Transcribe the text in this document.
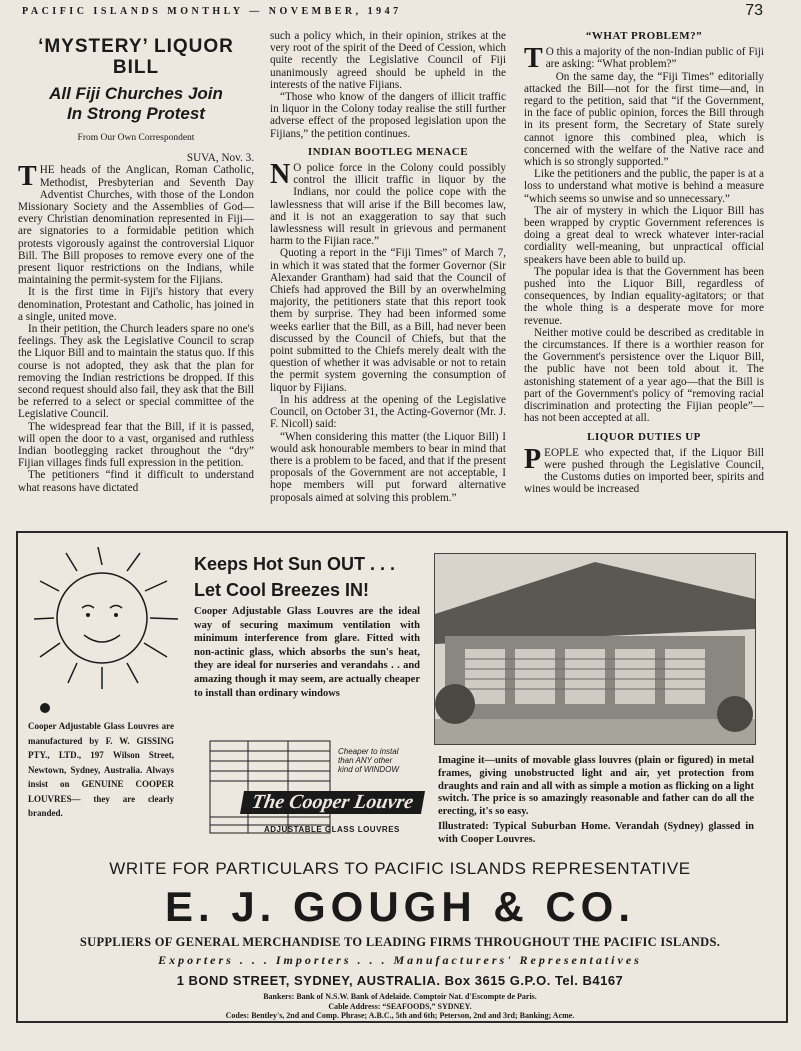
PACIFIC ISLANDS MONTHLY — NOVEMBER, 1947	73
‘MYSTERY’ LIQUOR
BILL
All Fiji Churches Join
In Strong Protest
From Our Own Correspondent

SUVA, Nov. 3.

THE heads of the Anglican, Roman Catholic, Methodist, Presbyterian and Seventh Day Adventist Churches, with those of the London Missionary Society and the Assemblies of God—every Christian denomination represented in Fiji—are signatories to a formidable petition which protests vigorously against the controversial Liquor Bill. The Bill proposes to remove every one of the present liquor restrictions on the Indians, while maintaining the permit-system for the Fijians.

It is the first time in Fiji's history that every denomination, Protestant and Catholic, has joined in a single, united move.

In their petition, the Church leaders spare no one's feelings. They ask the Legislative Council to scrap the Liquor Bill and to maintain the status quo. If this course is not adopted, they ask that the plan for removing the Indian restrictions be dropped. If this second request should also fail, they ask that the Bill be referred to a select or special committee of the Legislative Council.

The widespread fear that the Bill, if it is passed, will open the door to a vast, organised and ruthless Indian bootlegging racket throughout the “dry” Fijian villages finds full expression in the petition.

The petitioners “find it difficult to understand what reasons have dictated

such a policy which, in their opinion, strikes at the very root of the spirit of the Deed of Cession, which quite recently the Legislative Council of Fiji unanimously agreed should be upheld in the interests of the native Fijians.

“Those who know of the dangers of illicit traffic in liquor in the Colony today realise the still further adverse effect of the proposed legislation upon the Fijians,” the petition continues.

INDIAN BOOTLEG MENACE

N O police force in the Colony could possibly control the illicit traffic in liquor by the Indians, nor could the police cope with the lawlessness that will arise if the Bill becomes law, and it is not an exaggeration to say that such lawlessness will result in grievous and permanent harm to the Fijian race.”

Quoting a report in the “Fiji Times” of March 7, in which it was stated that the former Governor (Sir Alexander Grantham) had said that the Council of Chiefs had approved the Bill by an overwhelming majority, the petitioners state that this report took them by surprise. They had been informed some weeks earlier that the Bill, as a Bill, had never been discussed by the Council of Chiefs, but that the point submitted to the Chiefs merely dealt with the question of whether it was advisable or not to retain the permit system governing the consumption of liquor by Fijians.

In his address at the opening of the Legislative Council, on October 31, the Acting-Governor (Mr. J. F. Nicoll) said:

“When considering this matter (the Liquor Bill) I would ask honourable members to bear in mind that there is a problem to be faced, and that if the present proposals of the Government are not acceptable, I hope members will put forward alternative proposals aimed at solving this problem.”

“WHAT PROBLEM?”

T O this a majority of the non-Indian public of Fiji are asking: “What problem?”

On the same day, the “Fiji Times” editorially attacked the Bill—not for the first time—and, in regard to the petition, said that “if the Government, in the face of public opinion, forces the Bill through in its present form, the Secretary of State surely cannot ignore this combined plea, which is concerned with the welfare of the Native race and which is so strongly supported.”

Like the petitioners and the public, the paper is at a loss to understand what motive is behind a measure “which seems so unwise and so unnecessary.”

The air of mystery in which the Liquor Bill has been wrapped by cryptic Government references is doing a great deal to wreck whatever inter-racial cordiality well-meaning, but unpractical official speakers have been able to build up.

The popular idea is that the Government has been pushed into the Liquor Bill, regardless of consequences, by Indian equality-agitators; or that the whole thing is a desperate move for more revenue.

Neither motive could be described as creditable in the circumstances. If there is a worthier reason for the Government's persistence over the Liquor Bill, the public have not been told about it. The astonishing statement of a year ago—that the Bill is part of the Government's policy of “removing racial discrimination and protecting the Fijian people”—has not been accepted at all.

LIQUOR DUTIES UP

PEOPLE who expected that, if the Liquor Bill were pushed through the Legislative Council, the Customs duties on imported beer, spirits and wines would be increased

Keeps Hot Sun OUT . . .
Let Cool Breezes IN!
Cooper Adjustable Glass Louvres are the ideal way of securing maximum ventilation with minimum interference from glare. Fitted with non-actinic glass, which absorbs the sun's heat, they are ideal for nurseries and verandahs . . and amazing though it may seem, are actually cheaper to install than ordinary windows
Cooper Adjustable Glass Louvres are manufactured by F. W. GISSING PTY., LTD., 197 Wilson Street, Newtown, Sydney, Australia. Always insist on GENUINE COOPER LOUVRES— they are clearly branded.
Imagine it—units of movable glass louvres (plain or figured) in metal frames, giving unobstructed light and air, yet protection from draughts and rain and all with as simple a motion as flicking on a light switch. The price is so amazingly reasonable and father can do all the erecting, it's so easy.
Illustrated: Typical Suburban Home. Verandah (Sydney) glassed in with Cooper Louvres.
Cheaper to instal than ANY other kind of WINDOW
The Cooper Louvre
ADJUSTABLE GLASS LOUVRES
WRITE FOR PARTICULARS TO PACIFIC ISLANDS REPRESENTATIVE
E. J. GOUGH & CO.
SUPPLIERS OF GENERAL MERCHANDISE TO LEADING FIRMS THROUGHOUT THE PACIFIC ISLANDS.
Exporters . . . Importers . . . Manufacturers' Representatives
1 BOND STREET, SYDNEY, AUSTRALIA. Box 3615 G.P.O. Tel. B4167
Bankers: Bank of N.S.W. Bank of Adelaide. Comptoir Nat. d'Escompte de Paris.
Cable Address: “SEAFOODS,” SYDNEY.
Codes: Bentley's, 2nd and Comp. Phrase; A.B.C., 5th and 6th; Peterson, 2nd and 3rd; Banking; Acme.
